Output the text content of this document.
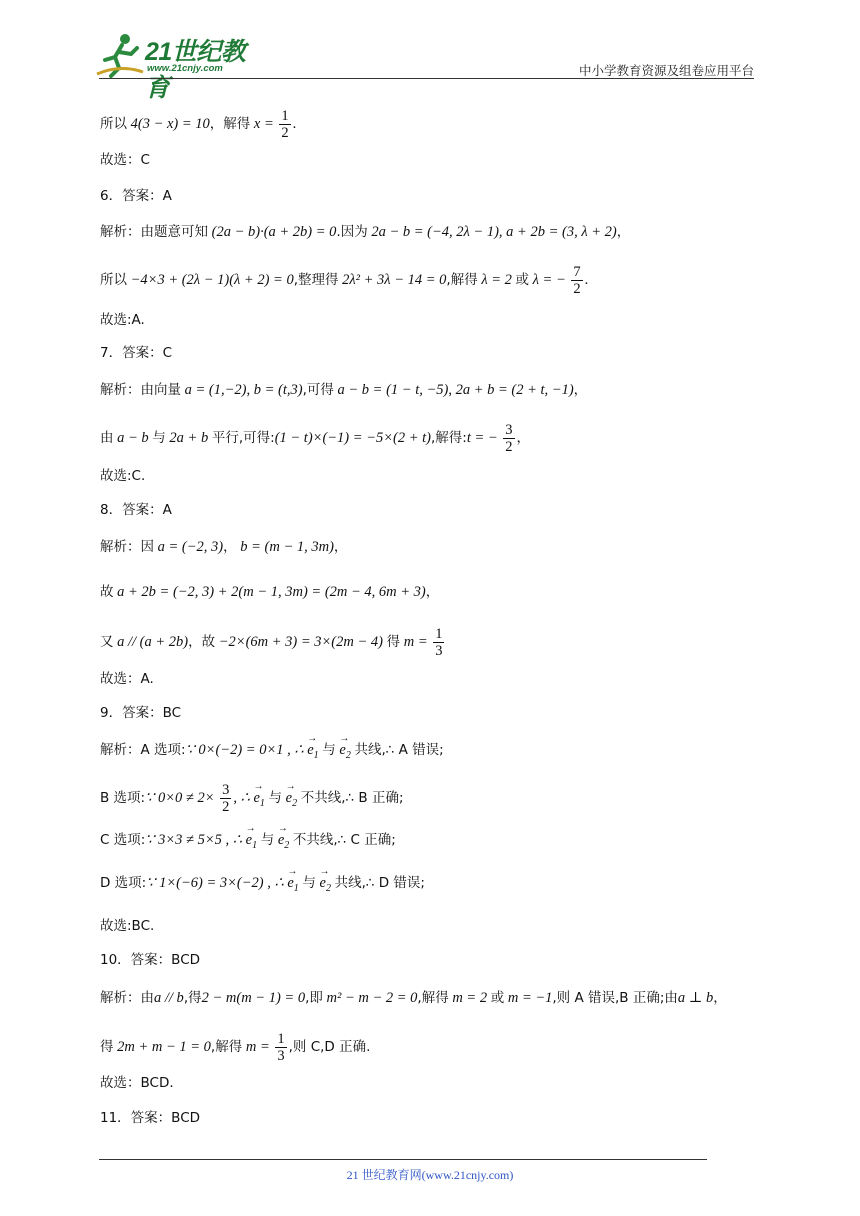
21世纪教育
www.21cnjy.com	中小学教育资源及组卷应用平台
所以 4(3 − x) = 10，解得 $x = \frac{1}{2}$ .
故选：C
6．答案：A
解析：由题意可知 (2a − b)·(a + 2b) = 0.因为 2a − b = (−4, 2λ − 1), a + 2b = (3, λ + 2)，
所以 −4×3 + (2λ − 1)(λ + 2) = 0,整理得 2λ² + 3λ − 14 = 0,解得 λ = 2 或 λ = − $\frac{7}{2}$ .
故选:A.
7．答案：C
解析：由向量 a = (1,−2), b = (t,3),可得 a − b = (1 − t, −5), 2a + b = (2 + t, −1)，
由 a − b 与 2a + b 平行,可得:(1 − t)×(−1) = −5×(2 + t),解得:t = − $\frac{3}{2}$ ，
故选:C.
8．答案：A
解析：因 a = (−2, 3)， b = (m − 1, 3m)，
故 a + 2b = (−2, 3) + 2(m − 1, 3m) = (2m − 4, 6m + 3)，
又 a // (a + 2b)，故 −2×(6m + 3) = 3×(2m − 4) 得 $m = \frac{1}{3}$
故选：A.
9．答案：BC
解析：A 选项:∵ 0×(−2) = 0×1 , ∴ → $e_1$ 与 → $e_2$ 共线,∴ A 错误;
B 选项:∵ $0\times 0 \ne 2\times \frac{3}{2}$ , ∴ → $e_1$ 与 → $e_2$ 不共线,∴ B 正确;
C 选项:∵ 3×3 ≠ 5×5 , ∴ → $e_1$ 与 → $e_2$ 不共线,∴ C 正确;
D 选项:∵ 1×(−6) = 3×(−2) , ∴ → $e_1$ 与 → $e_2$ 共线,∴ D 错误;
故选:BC.
10．答案：BCD
解析：由a // b,得2 − m(m − 1) = 0,即 m² − m − 2 = 0,解得 m = 2 或 m = −1,则 A 错误,B 正确;由a ⊥ b，
得 2m + m − 1 = 0,解得 $m = \frac{1}{3}$ ,则 C,D 正确.
故选：BCD.
11．答案：BCD
21 世纪教育网(www.21cnjy.com)
